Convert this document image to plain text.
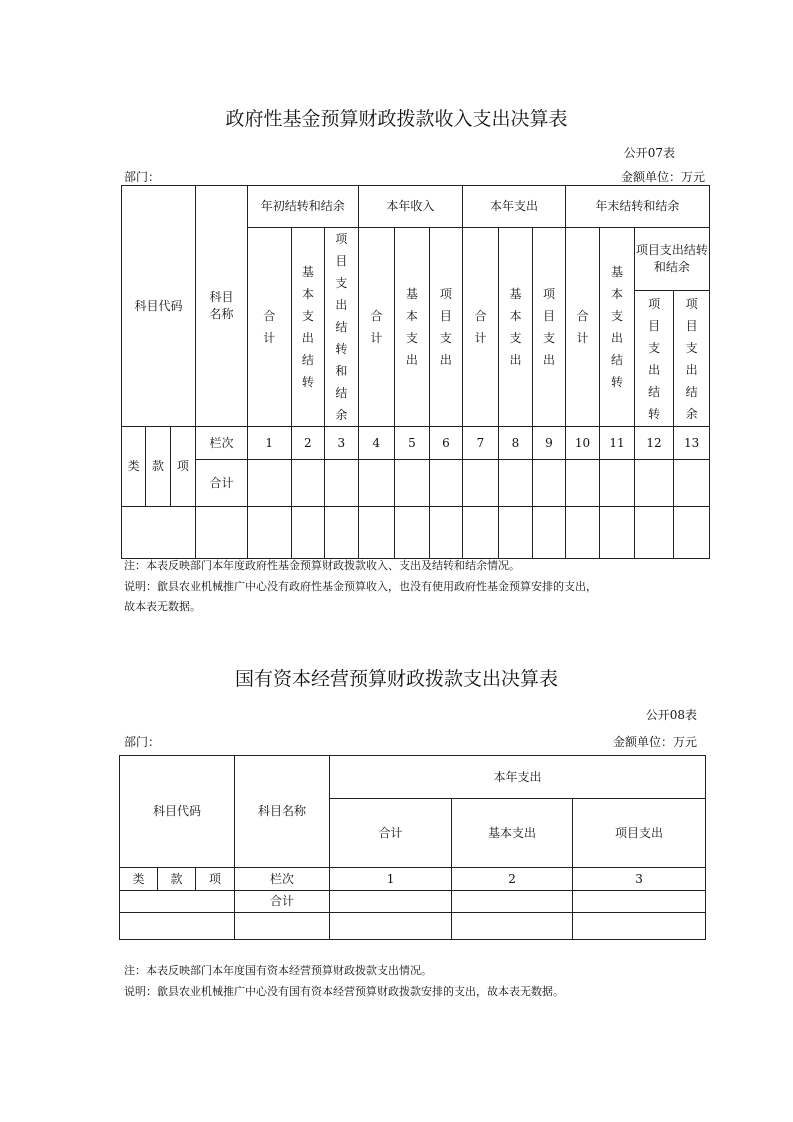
政府性基金预算财政拨款收入支出决算表
公开07表
部门：	金额单位：万元
科目代码			科目名称	年初结转和结余			本年收入			本年支出			年末结转和结余			
				合计	基本支出结转	项目支出结转和结余	合计	基本支出	项目支出	合计	基本支出	项目支出	合计	基本支出结转	项目支出结转和结余	
															项目支出结转	项目支出结余
类	款	项	栏次	1	2	3	4	5	6	7	8	9	10	11	12	13
			合计													

注：本表反映部门本年度政府性基金预算财政拨款收入、支出及结转和结余情况。
说明：歙县农业机械推广中心没有政府性基金预算收入，也没有使用政府性基金预算安排的支出，
故本表无数据。
国有资本经营预算财政拨款支出决算表
公开08表
部门：	金额单位：万元
科目代码			科目名称	本年支出		
				合计	基本支出	项目支出
类	款	项	栏次	1	2	3
			合计			

注：本表反映部门本年度国有资本经营预算财政拨款支出情况。
说明：歙县农业机械推广中心没有国有资本经营预算财政拨款安排的支出，故本表无数据。
